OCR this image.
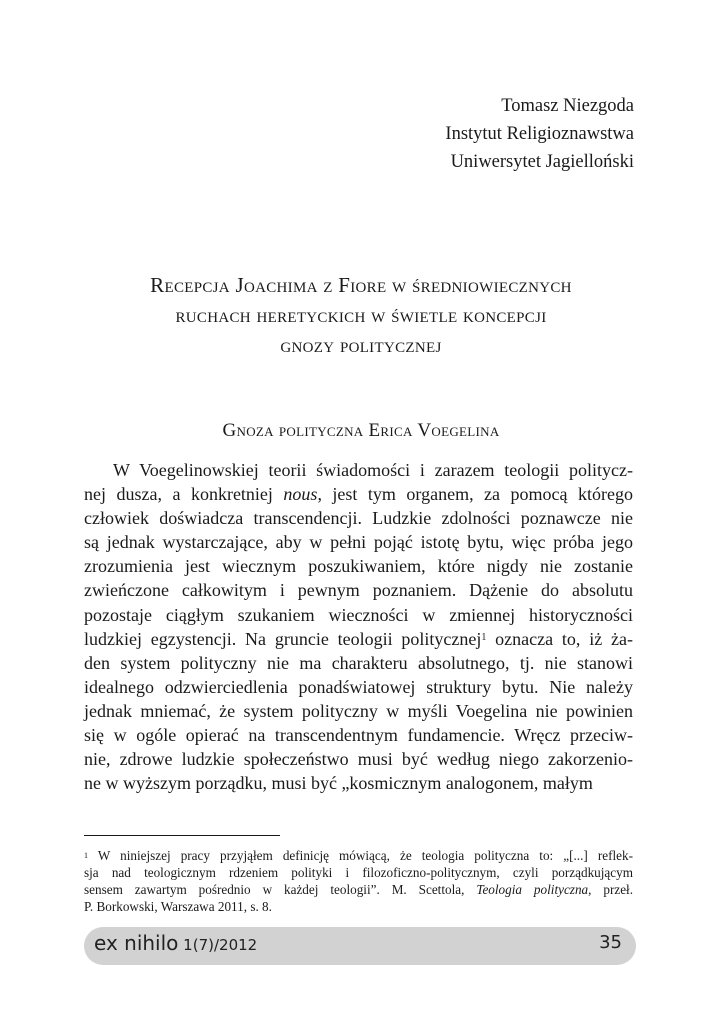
Tomasz Niezgoda
Instytut Religioznawstwa
Uniwersytet Jagielloński
Recepcja Joachima z Fiore w średniowiecznych
ruchach heretyckich w świetle koncepcji
gnozy politycznej
Gnoza polityczna Erica Voegelina
W Voegelinowskiej teorii świadomości i zarazem teologii politycz-
nej dusza, a konkretniej nous, jest tym organem, za pomocą którego
człowiek doświadcza transcendencji. Ludzkie zdolności poznawcze nie
są jednak wystarczające, aby w pełni pojąć istotę bytu, więc próba jego
zrozumienia jest wiecznym poszukiwaniem, które nigdy nie zostanie
zwieńczone całkowitym i pewnym poznaniem. Dążenie do absolutu
pozostaje ciągłym szukaniem wieczności w zmiennej historyczności
ludzkiej egzystencji. Na gruncie teologii politycznej$^1$ oznacza to, iż ża-
den system polityczny nie ma charakteru absolutnego, tj. nie stanowi
idealnego odzwierciedlenia ponadświatowej struktury bytu. Nie należy
jednak mniemać, że system polityczny w myśli Voegelina nie powinien
się w ogóle opierać na transcendentnym fundamencie. Wręcz przeciw-
nie, zdrowe ludzkie społeczeństwo musi być według niego zakorzenio-
ne w wyższym porządku, musi być „kosmicznym analogonem, małym
$^1$ W niniejszej pracy przyjąłem definicję mówiącą, że teologia polityczna to: „[...] reflek-
sja nad teologicznym rdzeniem polityki i filozoficzno-politycznym, czyli porządkującym
sensem zawartym pośrednio w każdej teologii”. M. Scettola, Teologia polityczna, przeł.
P. Borkowski, Warszawa 2011, s. 8.
ex nihilo 1(7)/2012	35
